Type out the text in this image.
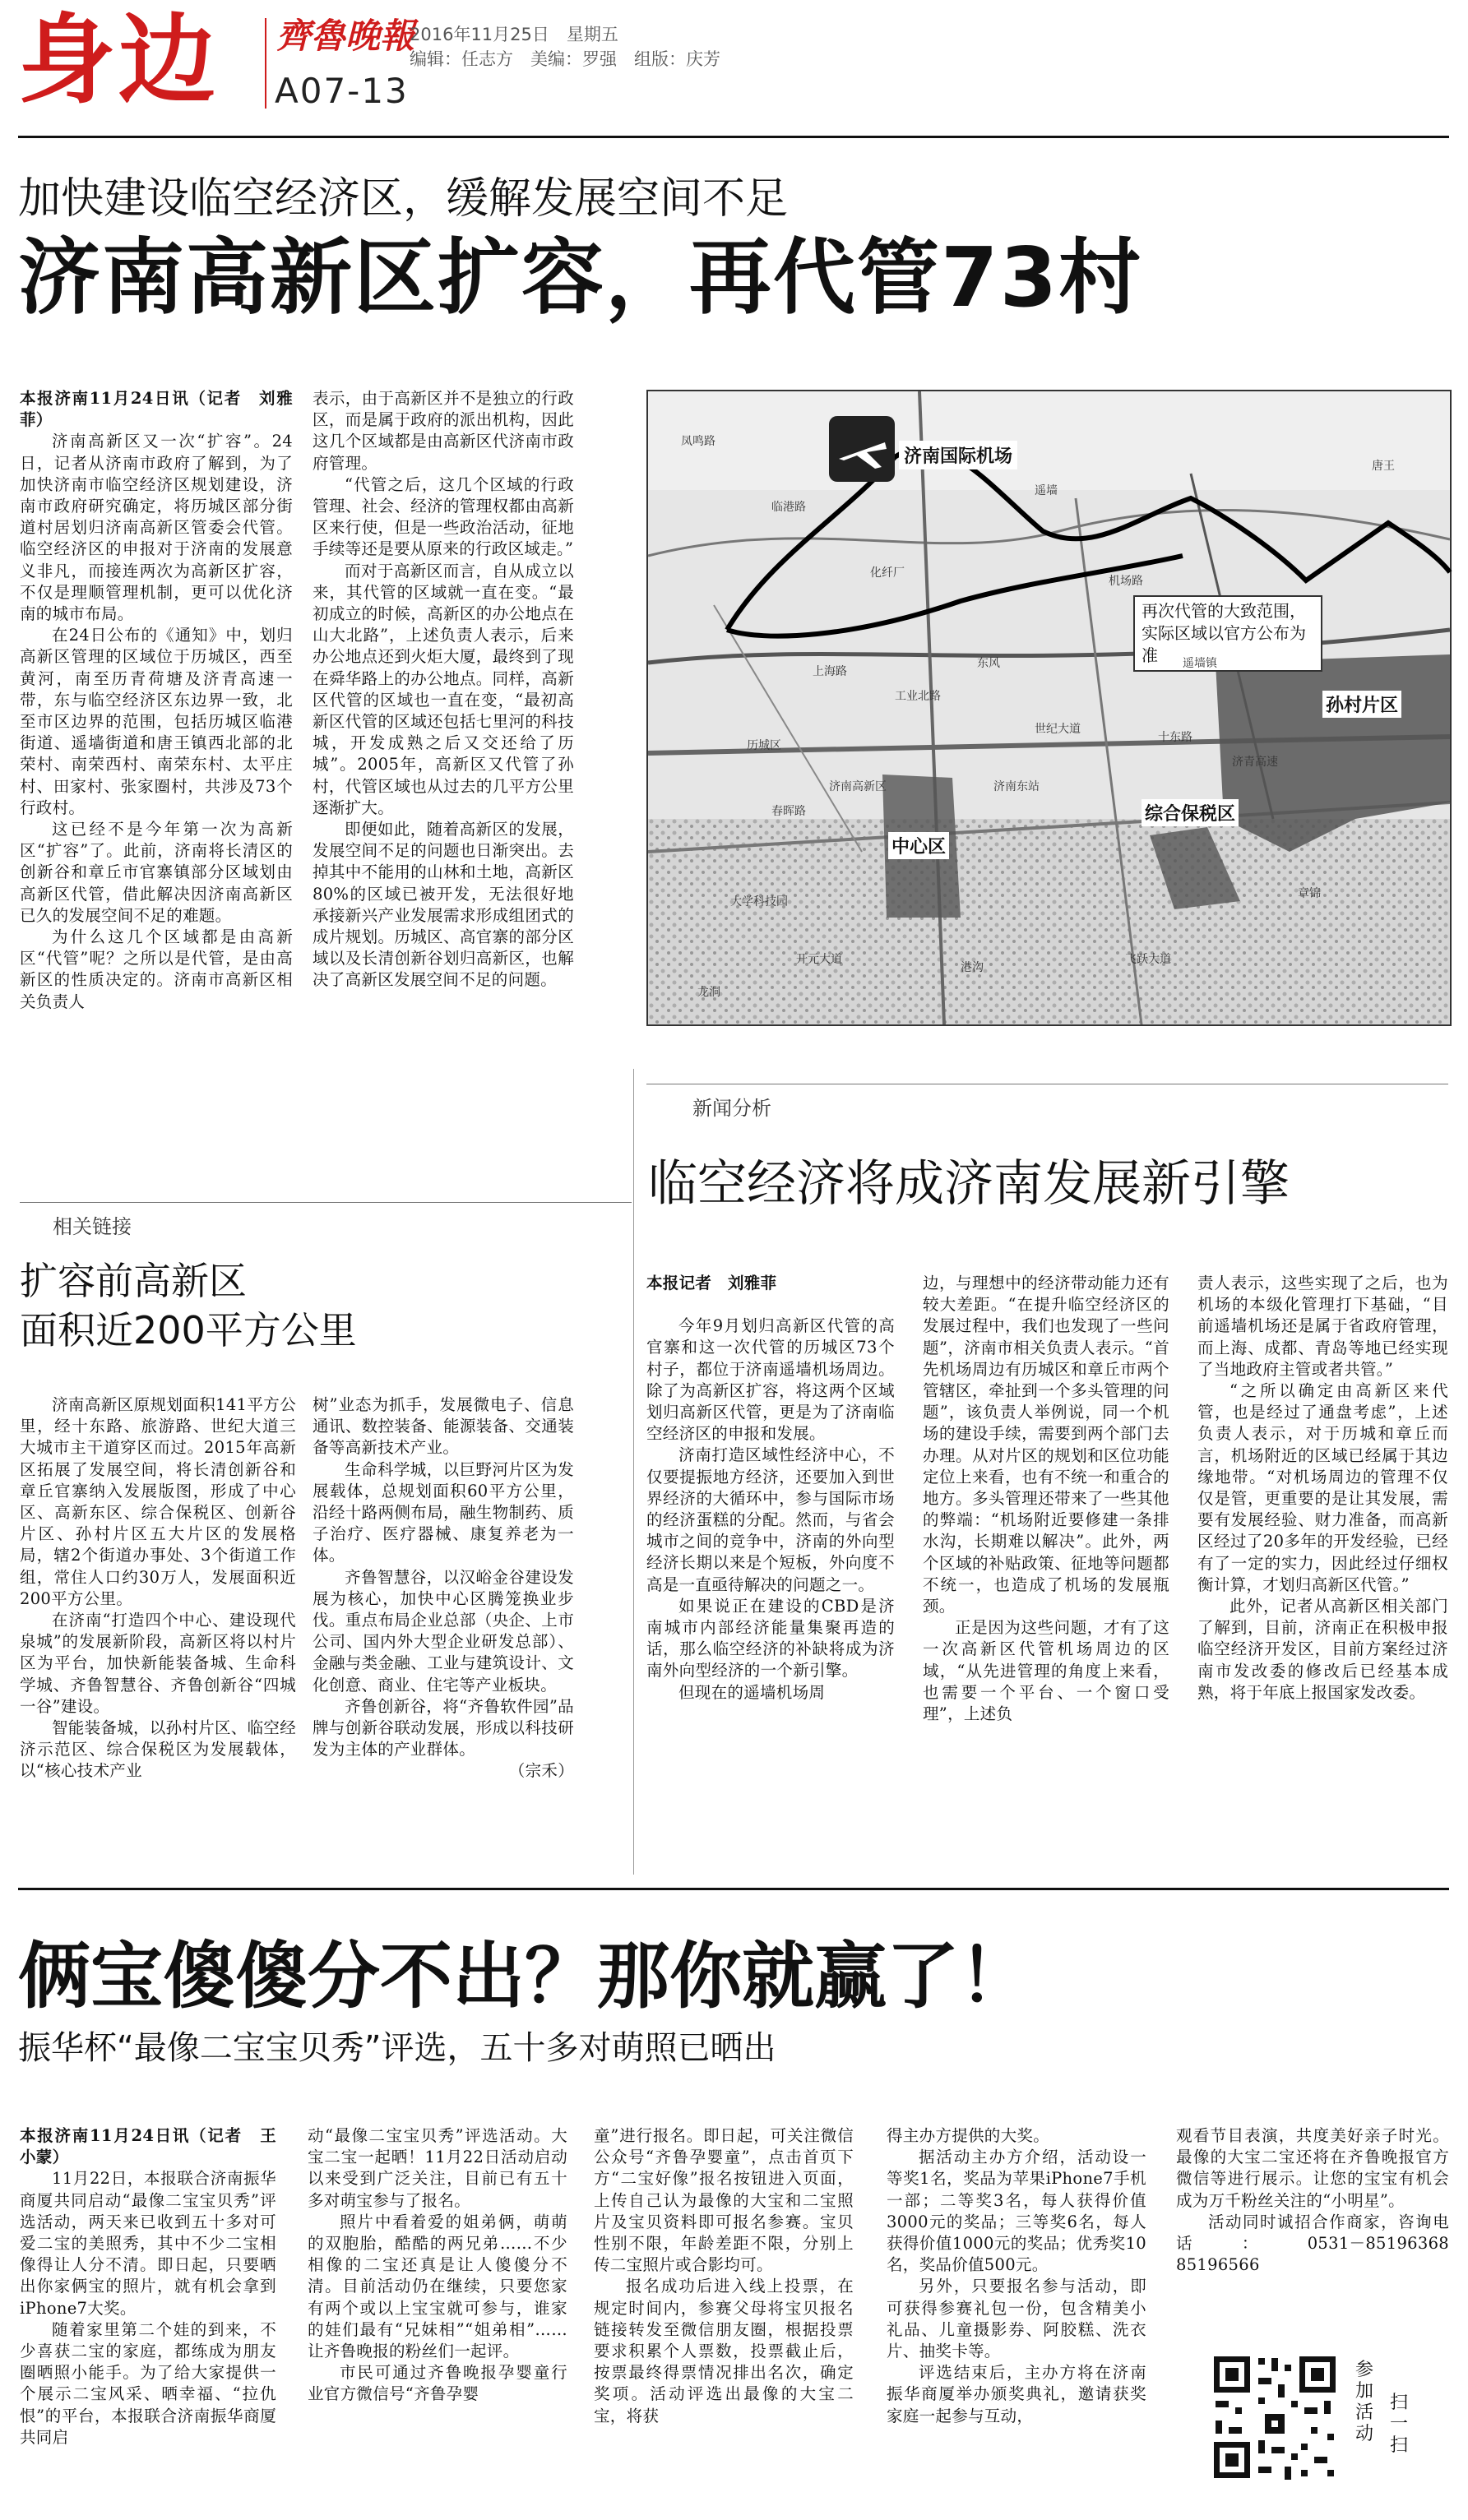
身边 齊魯晚報
A07-13
2016年11月25日　星期五
编辑：任志方　美编：罗强　组版：庆芳
加快建设临空经济区，缓解发展空间不足
济南高新区扩容，再代管73村

本报济南11月24日讯（记者　刘雅菲）

济南高新区又一次“扩容”。24日，记者从济南市政府了解到，为了加快济南市临空经济区规划建设，济南市政府研究确定，将历城区部分街道村居划归济南高新区管委会代管。临空经济区的申报对于济南的发展意义非凡，而接连两次为高新区扩容，不仅是理顺管理机制，更可以优化济南的城市布局。

在24日公布的《通知》中，划归高新区管理的区域位于历城区，西至黄河，南至历青荷塘及济青高速一带，东与临空经济区东边界一致，北至市区边界的范围，包括历城区临港街道、遥墙街道和唐王镇西北部的北荣村、南荣西村、南荣东村、太平庄村、田家村、张家圈村，共涉及73个行政村。

这已经不是今年第一次为高新区“扩容”了。此前，济南将长清区的创新谷和章丘市官寨镇部分区域划由高新区代管，借此解决因济南高新区已久的发展空间不足的难题。

为什么这几个区域都是由高新区“代管”呢？之所以是代管，是由高新区的性质决定的。济南市高新区相关负责人

表示，由于高新区并不是独立的行政区，而是属于政府的派出机构，因此这几个区域都是由高新区代济南市政府管理。

“代管之后，这几个区域的行政管理、社会、经济的管理权都由高新区来行使，但是一些政治活动，征地手续等还是要从原来的行政区域走。”

而对于高新区而言，自从成立以来，其代管的区域就一直在变。“最初成立的时候，高新区的办公地点在山大北路”，上述负责人表示，后来办公地点还到火炬大厦，最终到了现在舜华路上的办公地点。同样，高新区代管的区域也一直在变，“最初高新区代管的区域还包括七里河的科技城，开发成熟之后又交还给了历城”。2005年，高新区又代管了孙村，代管区域也从过去的几平方公里逐渐扩大。

即便如此，随着高新区的发展，发展空间不足的问题也日渐突出。去掉其中不能用的山林和土地，高新区80%的区域已被开发，无法很好地承接新兴产业发展需求形成组团式的成片规划。历城区、高官寨的部分区域以及长清创新谷划归高新区，也解决了高新区发展空间不足的问题。

济南国际机场
再次代管的大致范围，实际区域以官方公布为准
孙村片区
中心区
综合保税区
凤鸣路
临港路
遥墙
唐王
历城区
济南东站
世纪大道
工业北路
春晖路
大学科技园
济青高速
东风
济南高新区
机场路
遥墙镇
飞跃大道
开元大道
港沟
龙洞
化纤厂
上海路
章锦
十东路
相关链接
扩容前高新区
面积近200平方公里

济南高新区原规划面积141平方公里，经十东路、旅游路、世纪大道三大城市主干道穿区而过。2015年高新区拓展了发展空间，将长清创新谷和章丘官寨纳入发展版图，形成了中心区、高新东区、综合保税区、创新谷片区、孙村片区五大片区的发展格局，辖2个街道办事处、3个街道工作组，常住人口约30万人，发展面积近200平方公里。

在济南“打造四个中心、建设现代泉城”的发展新阶段，高新区将以村片区为平台，加快新能装备城、生命科学城、齐鲁智慧谷、齐鲁创新谷“四城一谷”建设。

智能装备城，以孙村片区、临空经济示范区、综合保税区为发展载体，以“核心技术产业

树”业态为抓手，发展微电子、信息通讯、数控装备、能源装备、交通装备等高新技术产业。

生命科学城，以巨野河片区为发展载体，总规划面积60平方公里，沿经十路两侧布局，融生物制药、质子治疗、医疗器械、康复养老为一体。

齐鲁智慧谷，以汉峪金谷建设发展为核心，加快中心区腾笼换业步伐。重点布局企业总部（央企、上市公司、国内外大型企业研发总部）、金融与类金融、工业与建筑设计、文化创意、商业、住宅等产业板块。

齐鲁创新谷，将“齐鲁软件园”品牌与创新谷联动发展，形成以科技研发为主体的产业群体。

（宗禾）

新闻分析
临空经济将成济南发展新引擎

本报记者　刘雅菲

今年9月划归高新区代管的高官寨和这一次代管的历城区73个村子，都位于济南遥墙机场周边。除了为高新区扩容，将这两个区域划归高新区代管，更是为了济南临空经济区的申报和发展。

济南打造区域性经济中心，不仅要提振地方经济，还要加入到世界经济的大循环中，参与国际市场的经济蛋糕的分配。然而，与省会城市之间的竞争中，济南的外向型经济长期以来是个短板，外向度不高是一直亟待解决的问题之一。

如果说正在建设的CBD是济南城市内部经济能量集聚再造的话，那么临空经济的补缺将成为济南外向型经济的一个新引擎。

但现在的遥墙机场周

边，与理想中的经济带动能力还有较大差距。“在提升临空经济区的发展过程中，我们也发现了一些问题”，济南市相关负责人表示。“首先机场周边有历城区和章丘市两个管辖区，牵扯到一个多头管理的问题”，该负责人举例说，同一个机场的建设手续，需要到两个部门去办理。从对片区的规划和区位功能定位上来看，也有不统一和重合的地方。多头管理还带来了一些其他的弊端：“机场附近要修建一条排水沟，长期难以解决”。此外，两个区域的补贴政策、征地等问题都不统一，也造成了机场的发展瓶颈。

正是因为这些问题，才有了这一次高新区代管机场周边的区域，“从先进管理的角度上来看，也需要一个平台、一个窗口受理”，上述负

责人表示，这些实现了之后，也为机场的本级化管理打下基础，“目前遥墙机场还是属于省政府管理，而上海、成都、青岛等地已经实现了当地政府主管或者共管。”

“之所以确定由高新区来代管，也是经过了通盘考虑”，上述负责人表示，对于历城和章丘而言，机场附近的区域已经属于其边缘地带。“对机场周边的管理不仅仅是管，更重要的是让其发展，需要有发展经验、财力准备，而高新区经过了20多年的开发经验，已经有了一定的实力，因此经过仔细权衡计算，才划归高新区代管。”

此外，记者从高新区相关部门了解到，目前，济南正在积极申报临空经济开发区，目前方案经过济南市发改委的修改后已经基本成熟，将于年底上报国家发改委。

俩宝傻傻分不出？那你就赢了！
振华杯“最像二宝宝贝秀”评选，五十多对萌照已晒出

本报济南11月24日讯（记者　王小蒙）

11月22日，本报联合济南振华商厦共同启动“最像二宝宝贝秀”评选活动，两天来已收到五十多对可爱二宝的美照秀，其中不少二宝相像得让人分不清。即日起，只要晒出你家俩宝的照片，就有机会拿到iPhone7大奖。

随着家里第二个娃的到来，不少喜获二宝的家庭，都练成为朋友圈晒照小能手。为了给大家提供一个展示二宝风采、晒幸福、“拉仇恨”的平台，本报联合济南振华商厦共同启

动“最像二宝宝贝秀”评选活动。大宝二宝一起晒！11月22日活动启动以来受到广泛关注，目前已有五十多对萌宝参与了报名。

照片中看着爱的姐弟俩，萌萌的双胞胎，酷酷的两兄弟……不少相像的二宝还真是让人傻傻分不清。目前活动仍在继续，只要您家有两个或以上宝宝就可参与，谁家的娃们最有“兄妹相”“姐弟相”……让齐鲁晚报的粉丝们一起评。

市民可通过齐鲁晚报孕婴童行业官方微信号“齐鲁孕婴

童”进行报名。即日起，可关注微信公众号“齐鲁孕婴童”，点击首页下方“二宝好像”报名按钮进入页面，上传自己认为最像的大宝和二宝照片及宝贝资料即可报名参赛。宝贝性别不限，年龄差距不限，分别上传二宝照片或合影均可。

报名成功后进入线上投票，在规定时间内，参赛父母将宝贝报名链接转发至微信朋友圈，根据投票要求积累个人票数，投票截止后，按票最终得票情况排出名次，确定奖项。活动评选出最像的大宝二宝，将获

得主办方提供的大奖。

据活动主办方介绍，活动设一等奖1名，奖品为苹果iPhone7手机一部；二等奖3名，每人获得价值3000元的奖品；三等奖6名，每人获得价值1000元的奖品；优秀奖10名，奖品价值500元。

另外，只要报名参与活动，即可获得参赛礼包一份，包含精美小礼品、儿童摄影券、阿胶糕、洗衣片、抽奖卡等。

评选结束后，主办方将在济南振华商厦举办颁奖典礼，邀请获奖家庭一起参与互动，

观看节目表演，共度美好亲子时光。最像的大宝二宝还将在齐鲁晚报官方微信等进行展示。让您的宝宝有机会成为万千粉丝关注的“小明星”。

活动同时诚招合作商家，咨询电话：0531－85196368　85196566

参加活动
扫一扫
